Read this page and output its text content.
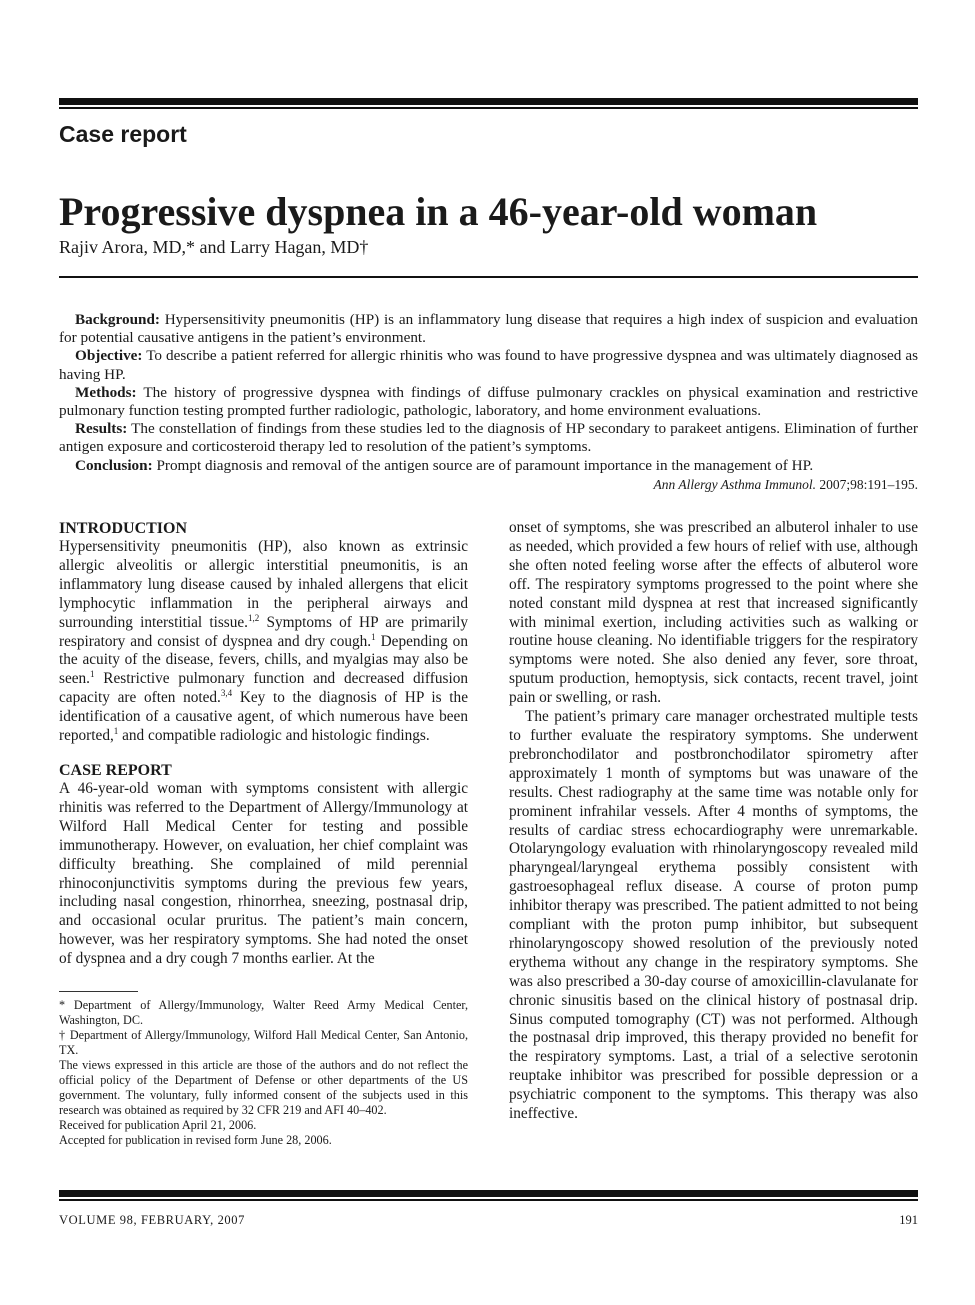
Case report
Progressive dyspnea in a 46-year-old woman

Rajiv Arora, MD,* and Larry Hagan, MD†

Background: Hypersensitivity pneumonitis (HP) is an inflammatory lung disease that requires a high index of suspicion and evaluation for potential causative antigens in the patient’s environment.

Objective: To describe a patient referred for allergic rhinitis who was found to have progressive dyspnea and was ultimately diagnosed as having HP.

Methods: The history of progressive dyspnea with findings of diffuse pulmonary crackles on physical examination and restrictive pulmonary function testing prompted further radiologic, pathologic, laboratory, and home environment evaluations.

Results: The constellation of findings from these studies led to the diagnosis of HP secondary to parakeet antigens. Elimination of further antigen exposure and corticosteroid therapy led to resolution of the patient’s symptoms.

Conclusion: Prompt diagnosis and removal of the antigen source are of paramount importance in the management of HP.

Ann Allergy Asthma Immunol. 2007;98:191–195.
INTRODUCTION

Hypersensitivity pneumonitis (HP), also known as extrinsic allergic alveolitis or allergic interstitial pneumonitis, is an inflammatory lung disease caused by inhaled allergens that elicit lymphocytic inflammation in the peripheral airways and surrounding interstitial tissue.$^{1,2}$ Symptoms of HP are primarily respiratory and consist of dyspnea and dry cough.$^1$ Depending on the acuity of the disease, fevers, chills, and myalgias may also be seen.$^1$ Restrictive pulmonary function and decreased diffusion capacity are often noted.$^{3,4}$ Key to the diagnosis of HP is the identification of a causative agent, of which numerous have been reported,$^1$ and compatible radiologic and histologic findings.

CASE REPORT

A 46-year-old woman with symptoms consistent with allergic rhinitis was referred to the Department of Allergy/Immunology at Wilford Hall Medical Center for testing and possible immunotherapy. However, on evaluation, her chief complaint was difficulty breathing. She complained of mild perennial rhinoconjunctivitis symptoms during the previous few years, including nasal congestion, rhinorrhea, sneezing, postnasal drip, and occasional ocular pruritus. The patient’s main concern, however, was her respiratory symptoms. She had noted the onset of dyspnea and a dry cough 7 months earlier. At the

* Department of Allergy/Immunology, Walter Reed Army Medical Center, Washington, DC.

† Department of Allergy/Immunology, Wilford Hall Medical Center, San Antonio, TX.

The views expressed in this article are those of the authors and do not reflect the official policy of the Department of Defense or other departments of the US government. The voluntary, fully informed consent of the subjects used in this research was obtained as required by 32 CFR 219 and AFI 40–402.

Received for publication April 21, 2006.

Accepted for publication in revised form June 28, 2006.

onset of symptoms, she was prescribed an albuterol inhaler to use as needed, which provided a few hours of relief with use, although she often noted feeling worse after the effects of albuterol wore off. The respiratory symptoms progressed to the point where she noted constant mild dyspnea at rest that increased significantly with minimal exertion, including activities such as walking or routine house cleaning. No identifiable triggers for the respiratory symptoms were noted. She also denied any fever, sore throat, sputum production, hemoptysis, sick contacts, recent travel, joint pain or swelling, or rash.

The patient’s primary care manager orchestrated multiple tests to further evaluate the respiratory symptoms. She underwent prebronchodilator and postbronchodilator spirometry after approximately 1 month of symptoms but was unaware of the results. Chest radiography at the same time was notable only for prominent infrahilar vessels. After 4 months of symptoms, the results of cardiac stress echocardiography were unremarkable. Otolaryngology evaluation with rhinolaryngoscopy revealed mild pharyngeal/laryngeal erythema possibly consistent with gastroesophageal reflux disease. A course of proton pump inhibitor therapy was prescribed. The patient admitted to not being compliant with the proton pump inhibitor, but subsequent rhinolaryngoscopy showed resolution of the previously noted erythema without any change in the respiratory symptoms. She was also prescribed a 30-day course of amoxicillin-clavulanate for chronic sinusitis based on the clinical history of postnasal drip. Sinus computed tomography (CT) was not performed. Although the postnasal drip improved, this therapy provided no benefit for the respiratory symptoms. Last, a trial of a selective serotonin reuptake inhibitor was prescribed for possible depression or a psychiatric component to the symptoms. This therapy was also ineffective.

VOLUME 98, FEBRUARY, 2007	191
